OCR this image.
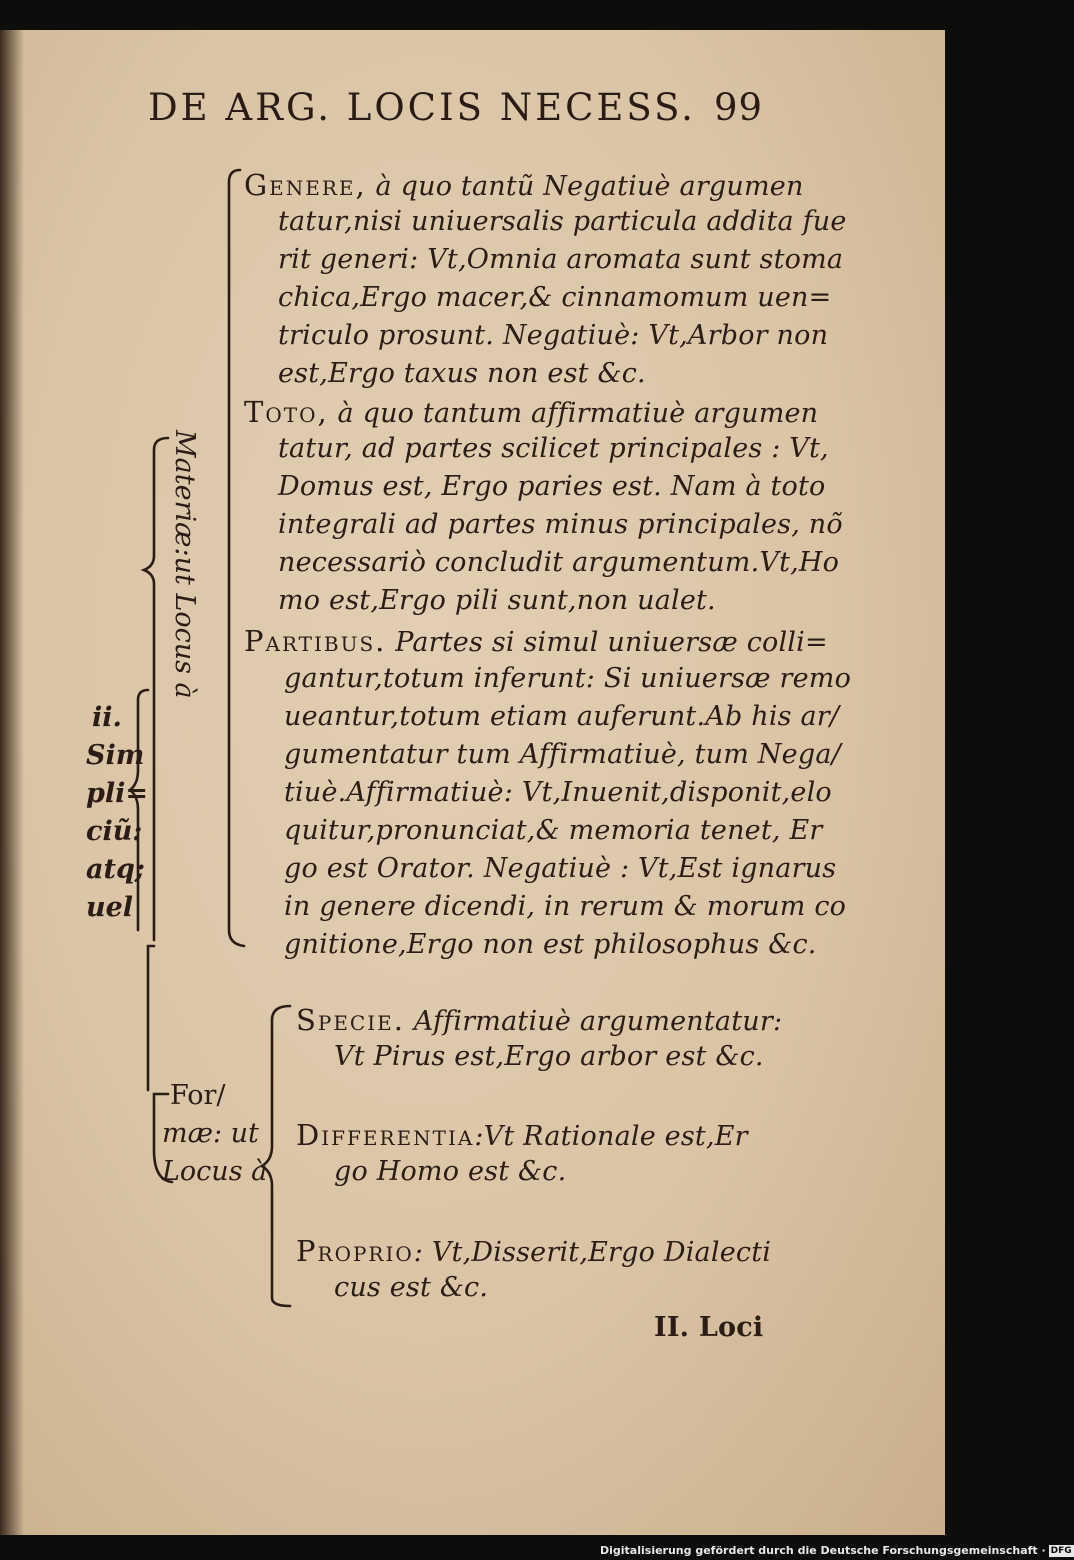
DE ARG. LOCIS NECESS. 99
Genere, à quo tantũ Negatiuè argumen
tatur,nisi uniuersalis particula addita fue
rit generi: Vt,Omnia aromata sunt stoma
chica,Ergo macer,& cinnamomum uen=
triculo prosunt. Negatiuè: Vt,Arbor non
est,Ergo taxus non est &c.
Toto, à quo tantum affirmatiuè argumen
tatur, ad partes scilicet principales : Vt,
Domus est, Ergo paries est. Nam à toto
integrali ad partes minus principales, nõ
necessariò concludit argumentum.Vt,Ho
mo est,Ergo pili sunt,non ualet.
Partibus. Partes si simul uniuersæ colli=
gantur,totum inferunt: Si uniuersæ remo
ueantur,totum etiam auferunt.Ab his ar/
gumentatur tum Affirmatiuè, tum Nega/
tiuè.Affirmatiuè: Vt,Inuenit,disponit,elo
quitur,pronunciat,& memoria tenet, Er
go est Orator. Negatiuè : Vt,Est ignarus
in genere dicendi, in rerum & morum co
gnitione,Ergo non est philosophus &c.
Specie. Affirmatiuè argumentatur:
Vt Pirus est,Ergo arbor est &c.
Differentia:Vt Rationale est,Er
go Homo est &c.
Proprio: Vt,Disserit,Ergo Dialecti
cus est &c.
Materiæ:ut Locus à
ii.
Sim
pli=
ciũ:
atq;
uel
For/
mæ: ut
Locus à
II. Loci
Digitalisierung gefördert durch die Deutsche Forschungsgemeinschaft · DFG
